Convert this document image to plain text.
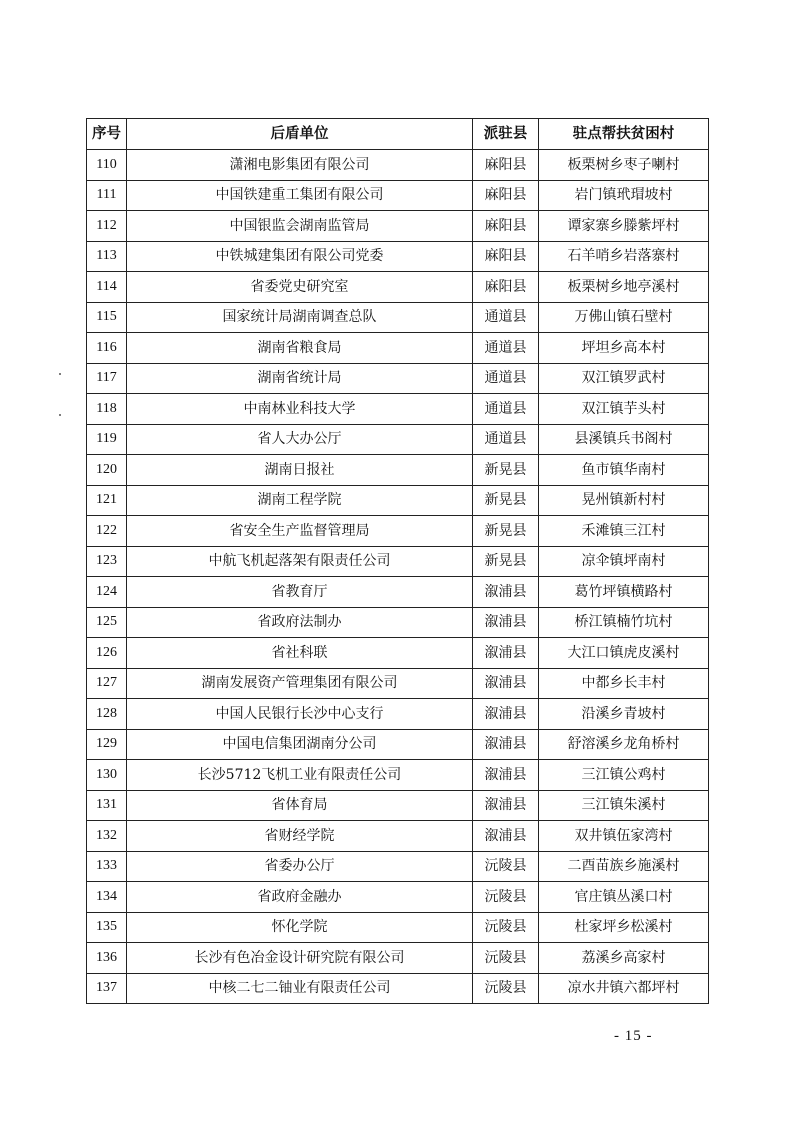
序号	后盾单位	派驻县	驻点帮扶贫困村
110	潇湘电影集团有限公司	麻阳县	板栗树乡枣子喇村
111	中国铁建重工集团有限公司	麻阳县	岩门镇玳瑁坡村
112	中国银监会湖南监管局	麻阳县	谭家寨乡滕紫坪村
113	中铁城建集团有限公司党委	麻阳县	石羊哨乡岩落寨村
114	省委党史研究室	麻阳县	板栗树乡地亭溪村
115	国家统计局湖南调查总队	通道县	万佛山镇石壁村
116	湖南省粮食局	通道县	坪坦乡高本村
117	湖南省统计局	通道县	双江镇罗武村
118	中南林业科技大学	通道县	双江镇芋头村
119	省人大办公厅	通道县	县溪镇兵书阁村
120	湖南日报社	新晃县	鱼市镇华南村
121	湖南工程学院	新晃县	晃州镇新村村
122	省安全生产监督管理局	新晃县	禾滩镇三江村
123	中航飞机起落架有限责任公司	新晃县	凉伞镇坪南村
124	省教育厅	溆浦县	葛竹坪镇横路村
125	省政府法制办	溆浦县	桥江镇楠竹坑村
126	省社科联	溆浦县	大江口镇虎皮溪村
127	湖南发展资产管理集团有限公司	溆浦县	中都乡长丰村
128	中国人民银行长沙中心支行	溆浦县	沿溪乡青坡村
129	中国电信集团湖南分公司	溆浦县	舒溶溪乡龙角桥村
130	长沙5712飞机工业有限责任公司	溆浦县	三江镇公鸡村
131	省体育局	溆浦县	三江镇朱溪村
132	省财经学院	溆浦县	双井镇伍家湾村
133	省委办公厅	沅陵县	二酉苗族乡施溪村
134	省政府金融办	沅陵县	官庄镇丛溪口村
135	怀化学院	沅陵县	杜家坪乡松溪村
136	长沙有色冶金设计研究院有限公司	沅陵县	荔溪乡高家村
137	中核二七二铀业有限责任公司	沅陵县	凉水井镇六都坪村
- 15 -
